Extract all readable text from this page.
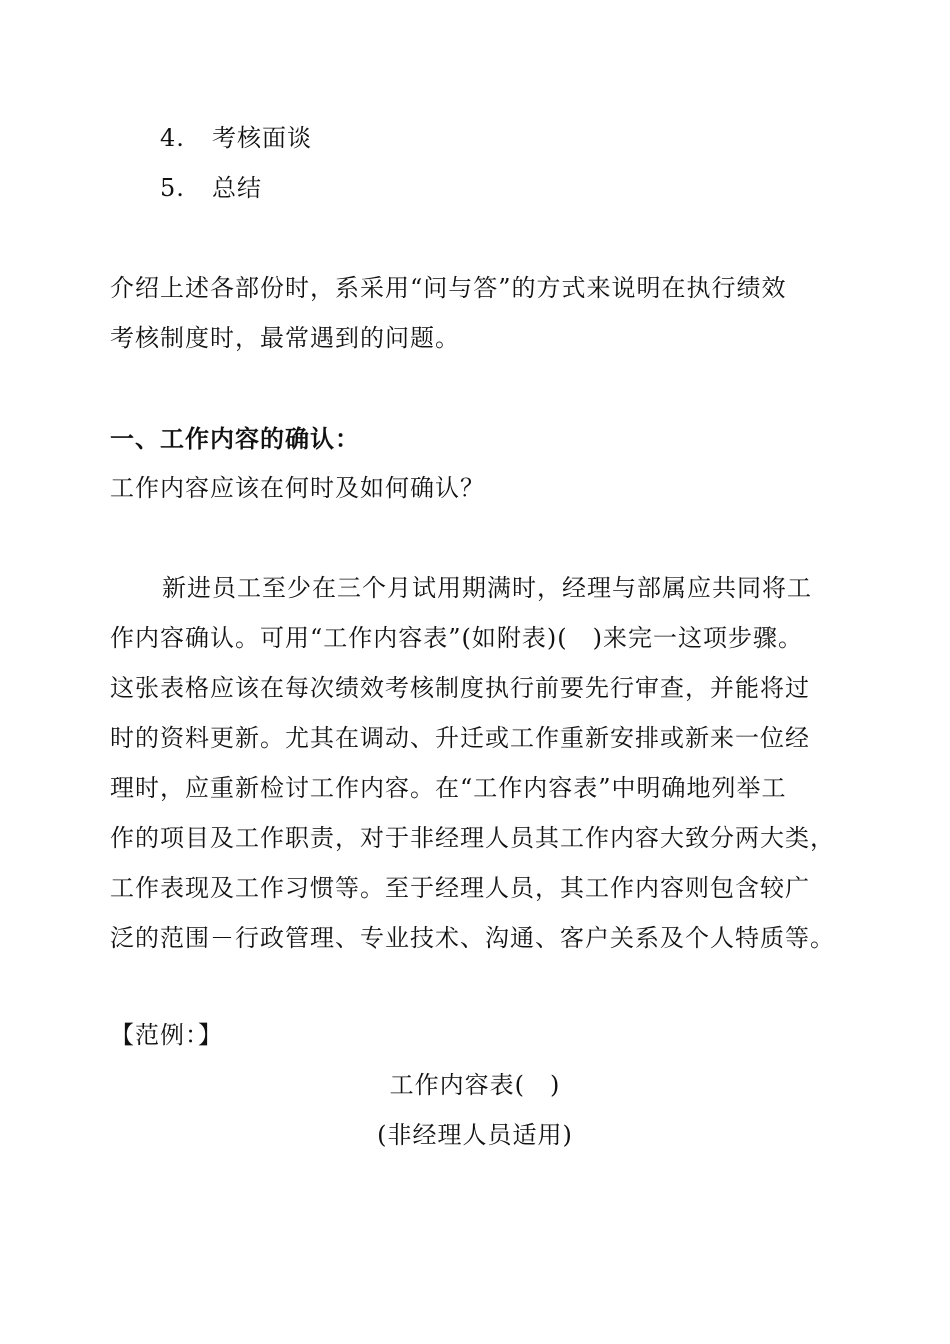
4. 考核面谈
5. 总结
介绍上述各部份时，系采用“问与答”的方式来说明在执行绩效
考核制度时，最常遇到的问题。
一、工作内容的确认：
工作内容应该在何时及如何确认？
新进员工至少在三个月试用期满时，经理与部属应共同将工
作内容确认。可用“工作内容表”(如附表)(　)来完一这项步骤。
这张表格应该在每次绩效考核制度执行前要先行审查，并能将过
时的资料更新。尤其在调动、升迁或工作重新安排或新来一位经
理时，应重新检讨工作内容。在“工作内容表”中明确地列举工
作的项目及工作职责，对于非经理人员其工作内容大致分两大类，
工作表现及工作习惯等。至于经理人员，其工作内容则包含较广
泛的范围－行政管理、专业技术、沟通、客户关系及个人特质等。
【范例：】
工作内容表(　)
(非经理人员适用)
